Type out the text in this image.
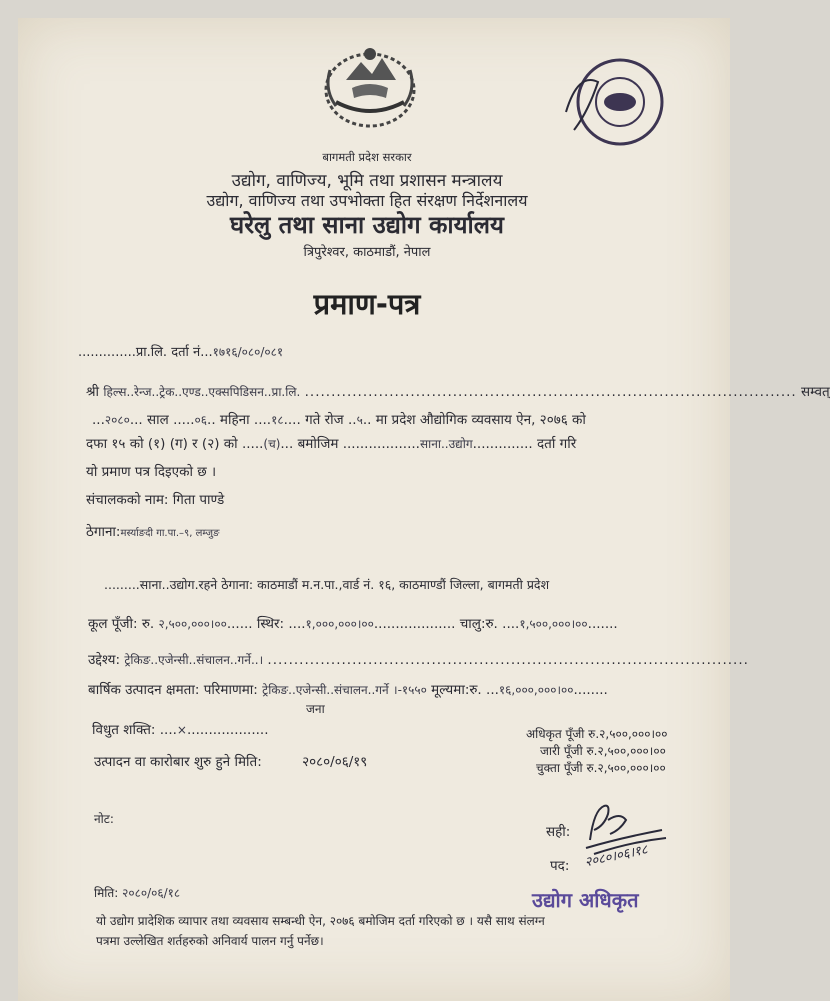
बागमती प्रदेश सरकार
उद्योग, वाणिज्य, भूमि तथा प्रशासन मन्त्रालय
उद्योग, वाणिज्य तथा उपभोक्ता हित संरक्षण निर्देशनालय
घरेलु तथा साना उद्योग कार्यालय
त्रिपुरेश्वर, काठमाडौं, नेपाल
प्रमाण-पत्र
..............प्रा.लि. दर्ता नं...१७१६/०८०/०८१
श्री हिल्स..रेन्ज..ट्रेक..एण्ड..एक्सपिडिसन..प्रा.लि. ............................................................................................. सम्वत्
...२०८०... साल .....०६.. महिना ....१८.... गते रोज ..५.. मा प्रदेश औद्योगिक व्यवसाय ऐन, २०७६ को
दफा १५ को (१) (ग) र (२) को .....(च)... बमोजिम ..................साना..उद्योग.............. दर्ता गरि
यो प्रमाण पत्र दिइएको छ ।
संचालकको नाम: गिता पाण्डे
ठेगाना:मर्स्याङदी गा.पा.–९, लम्जुङ
.........साना..उद्योग.रहने ठेगाना: काठमाडौं म.न.पा.,वार्ड नं. १६, काठमाण्डौं जिल्ला, बागमती प्रदेश
कूल पूँजी: रु. २,५००,०००।००...... स्थिर: ....१,०००,०००।००................... चालु:रु. ....१,५००,०००।००.......
उद्देश्य: ट्रेकिङ..एजेन्सी..संचालन..गर्ने..। ...........................................................................................
बार्षिक उत्पादन क्षमता: परिमाणमा: ट्रेकिङ..एजेन्सी..संचालन..गर्ने ।-१५५० मूल्यमा:रु. ...१६,०००,०००।००........
जना
विधुत शक्ति: ....×...................	अधिकृत पूँजी रु.२,५००,०००।००
जारी पूँजी रु.२,५००,०००।००
चुक्ता पूँजी रु.२,५००,०००।००
उत्पादन वा कारोबार शुरु हुने मिति:	२०८०/०६/१९
नोट:
सही:
पद: २०८०।०६।१८
मिति: २०८०/०६/१८	उद्योग अधिकृत
यो उद्योग प्रादेशिक व्यापार तथा व्यवसाय सम्बन्धी ऐन, २०७६ बमोजिम दर्ता गरिएको छ । यसै साथ संलग्न
पत्रमा उल्लेखित शर्तहरुको अनिवार्य पालन गर्नु पर्नेछ।
